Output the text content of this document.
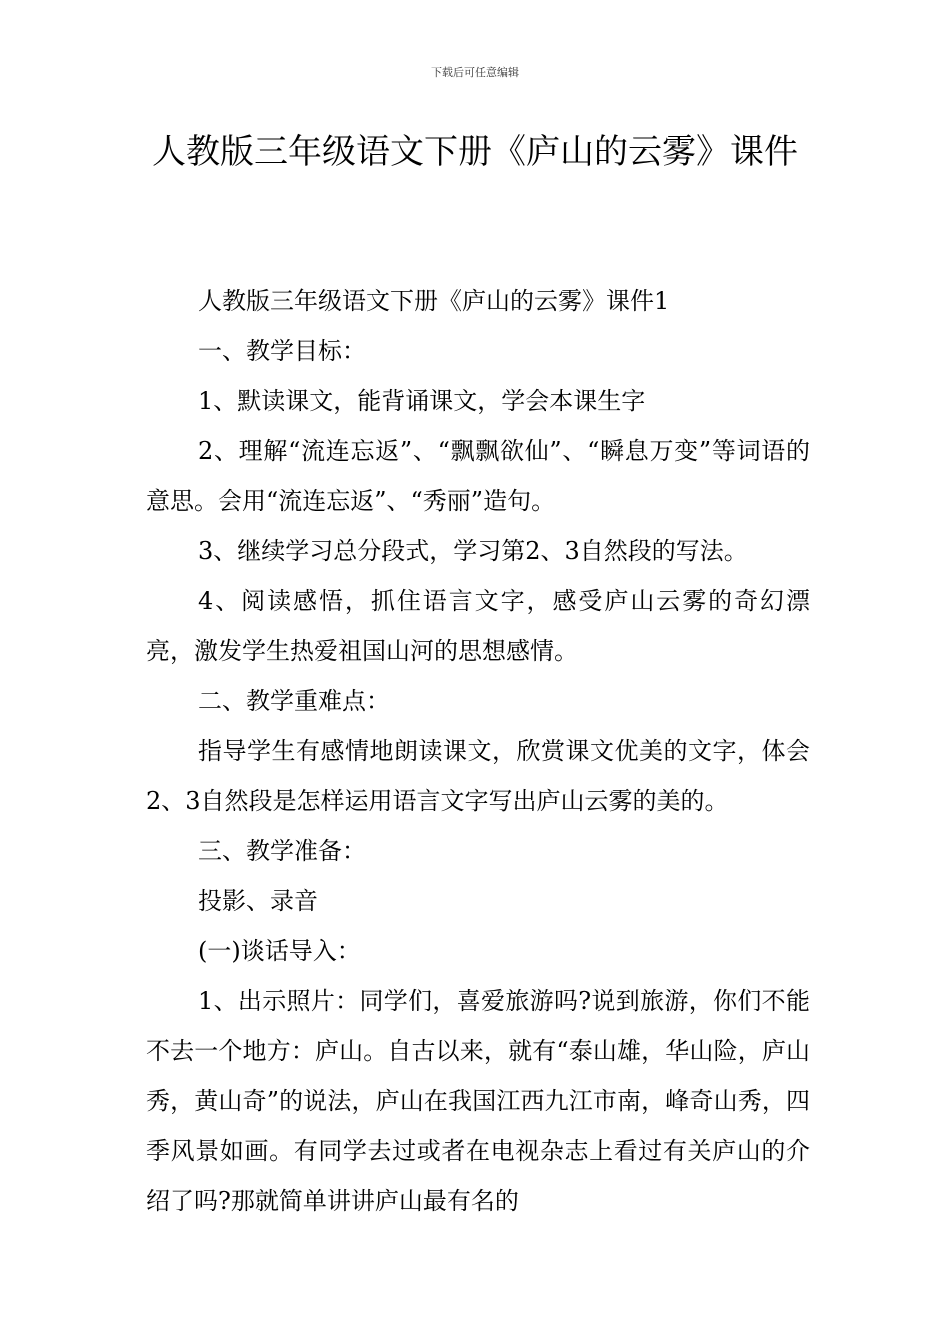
下载后可任意编辑
人教版三年级语文下册《庐山的云雾》课件

人教版三年级语文下册《庐山的云雾》课件1

一、教学目标：

1、默读课文，能背诵课文，学会本课生字

2、理解“流连忘返”、“飘飘欲仙”、“瞬息万变”等词语的意思。会用“流连忘返”、“秀丽”造句。

3、继续学习总分段式，学习第2、3自然段的写法。

4、阅读感悟，抓住语言文字，感受庐山云雾的奇幻漂亮，激发学生热爱祖国山河的思想感情。

二、教学重难点：

指导学生有感情地朗读课文，欣赏课文优美的文字，体会2、3自然段是怎样运用语言文字写出庐山云雾的美的。

三、教学准备：

投影、录音

(一)谈话导入：

1、出示照片：同学们，喜爱旅游吗?说到旅游，你们不能不去一个地方：庐山。自古以来，就有“泰山雄，华山险，庐山秀，黄山奇”的说法，庐山在我国江西九江市南，峰奇山秀，四季风景如画。有同学去过或者在电视杂志上看过有关庐山的介绍了吗?那就简单讲讲庐山最有名的
